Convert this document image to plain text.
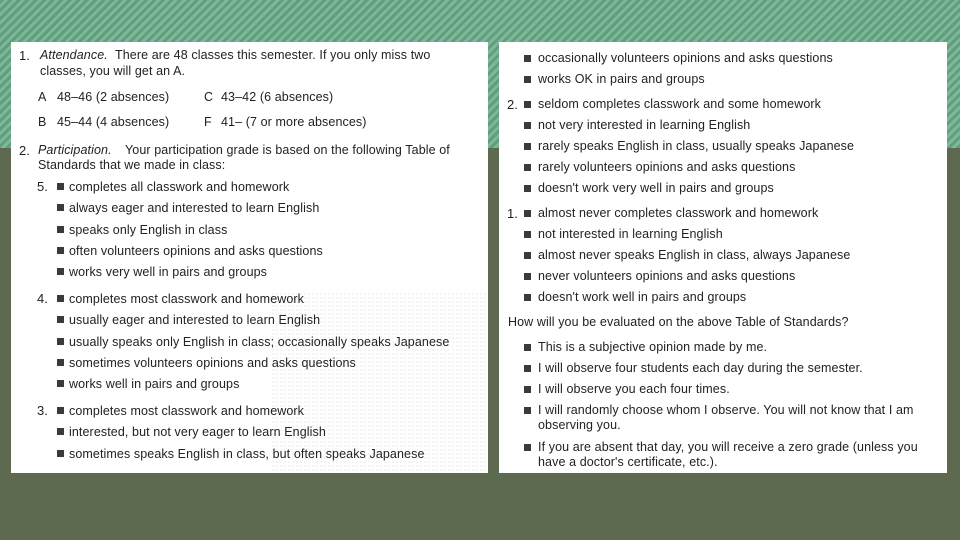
1. Attendance. There are 48 classes this semester. If you only miss two
classes, you will get an A.
A 48–46 (2 absences)
B 45–44 (4 absences)
C 43–42 (6 absences)
F 41– (7 or more absences)
2. Participation. Your participation grade is based on the following Table of
Standards that we made in class:
5. completes all classwork and homework
always eager and interested to learn English
speaks only English in class
often volunteers opinions and asks questions
works very well in pairs and groups
4. completes most classwork and homework
usually eager and interested to learn English
usually speaks only English in class; occasionally speaks Japanese
sometimes volunteers opinions and asks questions
works well in pairs and groups
3. completes most classwork and homework
interested, but not very eager to learn English
sometimes speaks English in class, but often speaks Japanese
occasionally volunteers opinions and asks questions
works OK in pairs and groups
2. seldom completes classwork and some homework
not very interested in learning English
rarely speaks English in class, usually speaks Japanese
rarely volunteers opinions and asks questions
doesn't work very well in pairs and groups
1. almost never completes classwork and homework
not interested in learning English
almost never speaks English in class, always Japanese
never volunteers opinions and asks questions
doesn't work well in pairs and groups
How will you be evaluated on the above Table of Standards?
This is a subjective opinion made by me.
I will observe four students each day during the semester.
I will observe you each four times.
I will randomly choose whom I observe. You will not know that I am
observing you.
If you are absent that day, you will receive a zero grade (unless you
have a doctor's certificate, etc.).
